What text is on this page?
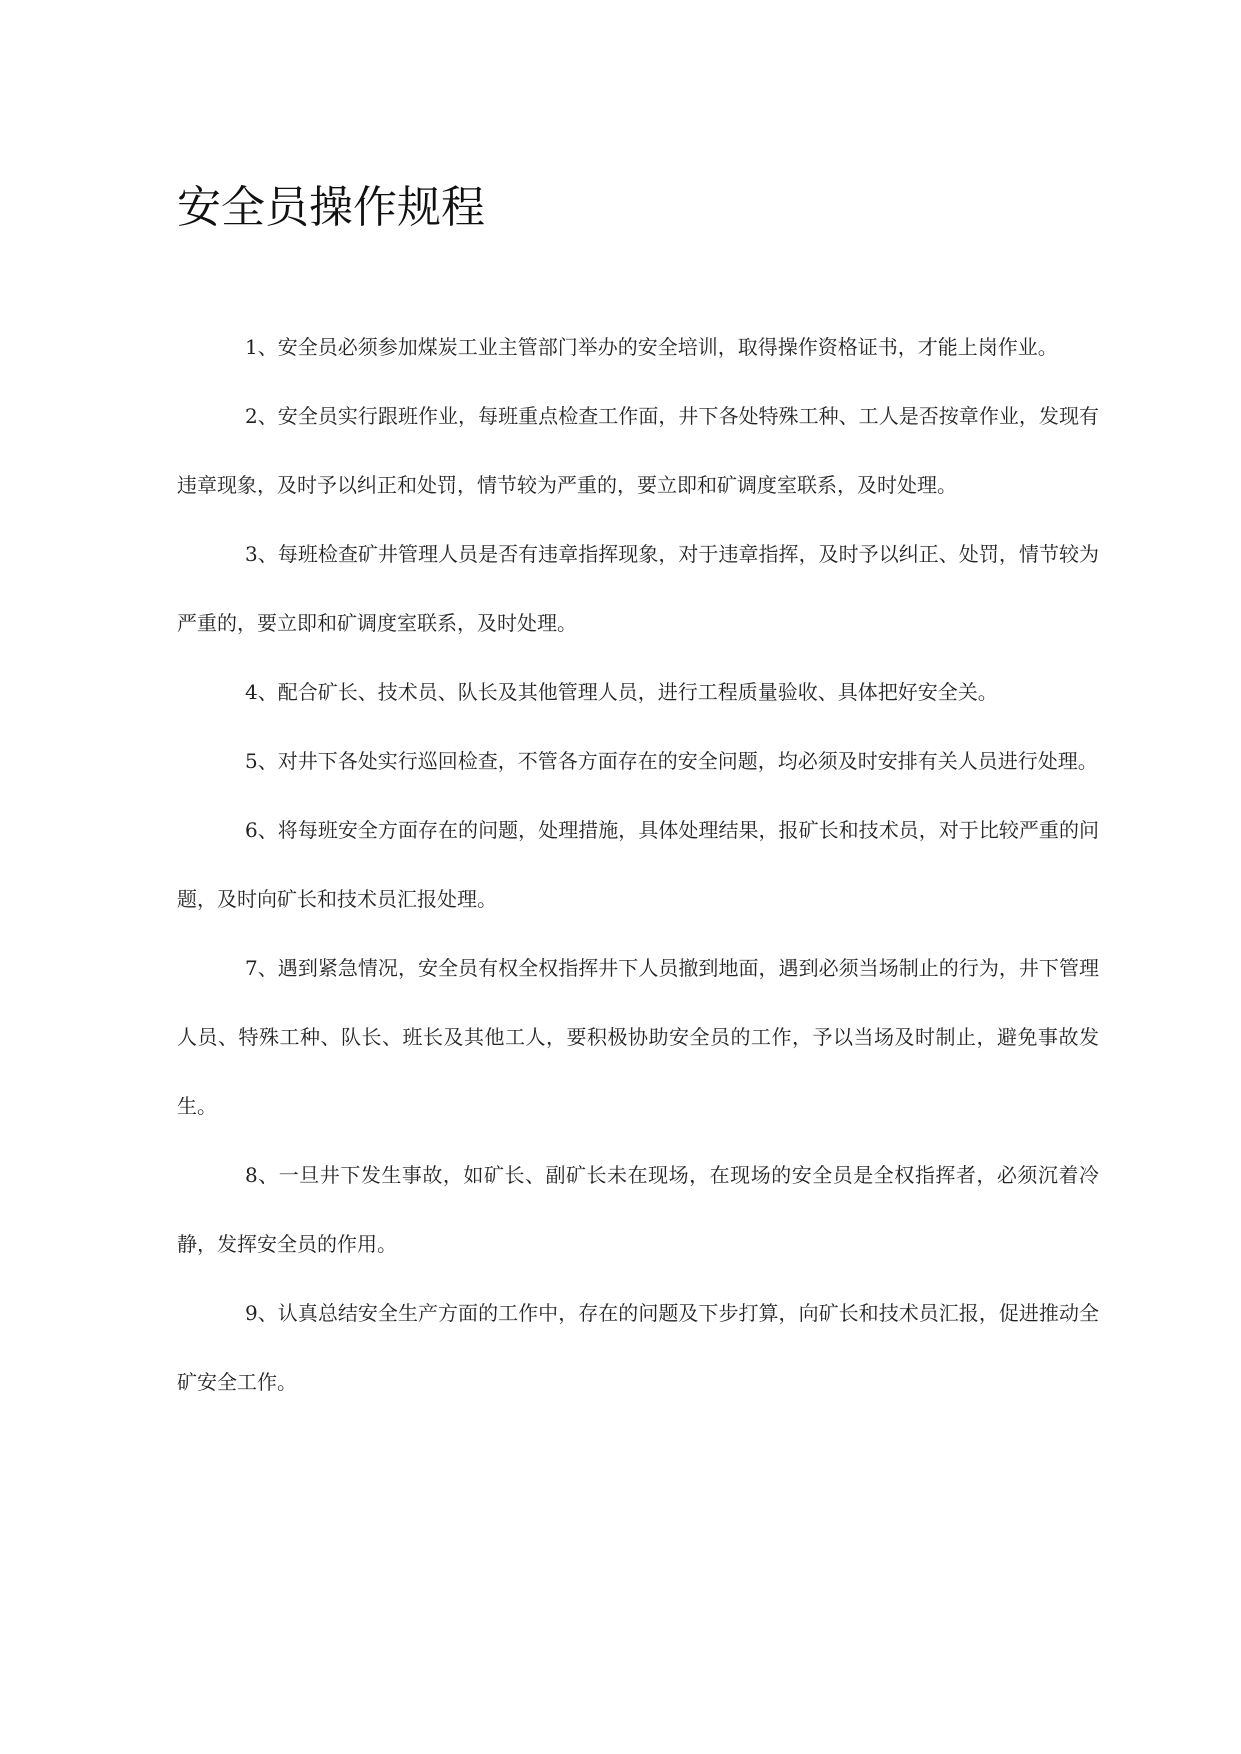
安全员操作规程

1、安全员必须参加煤炭工业主管部门举办的安全培训，取得操作资格证书，才能上岗作业。

2、安全员实行跟班作业，每班重点检查工作面，井下各处特殊工种、工人是否按章作业，发现有违章现象，及时予以纠正和处罚，情节较为严重的，要立即和矿调度室联系，及时处理。

3、每班检查矿井管理人员是否有违章指挥现象，对于违章指挥，及时予以纠正、处罚，情节较为严重的，要立即和矿调度室联系，及时处理。

4、配合矿长、技术员、队长及其他管理人员，进行工程质量验收、具体把好安全关。

5、对井下各处实行巡回检查，不管各方面存在的安全问题，均必须及时安排有关人员进行处理。

6、将每班安全方面存在的问题，处理措施，具体处理结果，报矿长和技术员，对于比较严重的问题，及时向矿长和技术员汇报处理。

7、遇到紧急情况，安全员有权全权指挥井下人员撤到地面，遇到必须当场制止的行为，井下管理人员、特殊工种、队长、班长及其他工人，要积极协助安全员的工作，予以当场及时制止，避免事故发生。

8、一旦井下发生事故，如矿长、副矿长未在现场，在现场的安全员是全权指挥者，必须沉着冷静，发挥安全员的作用。

9、认真总结安全生产方面的工作中，存在的问题及下步打算，向矿长和技术员汇报，促进推动全矿安全工作。
